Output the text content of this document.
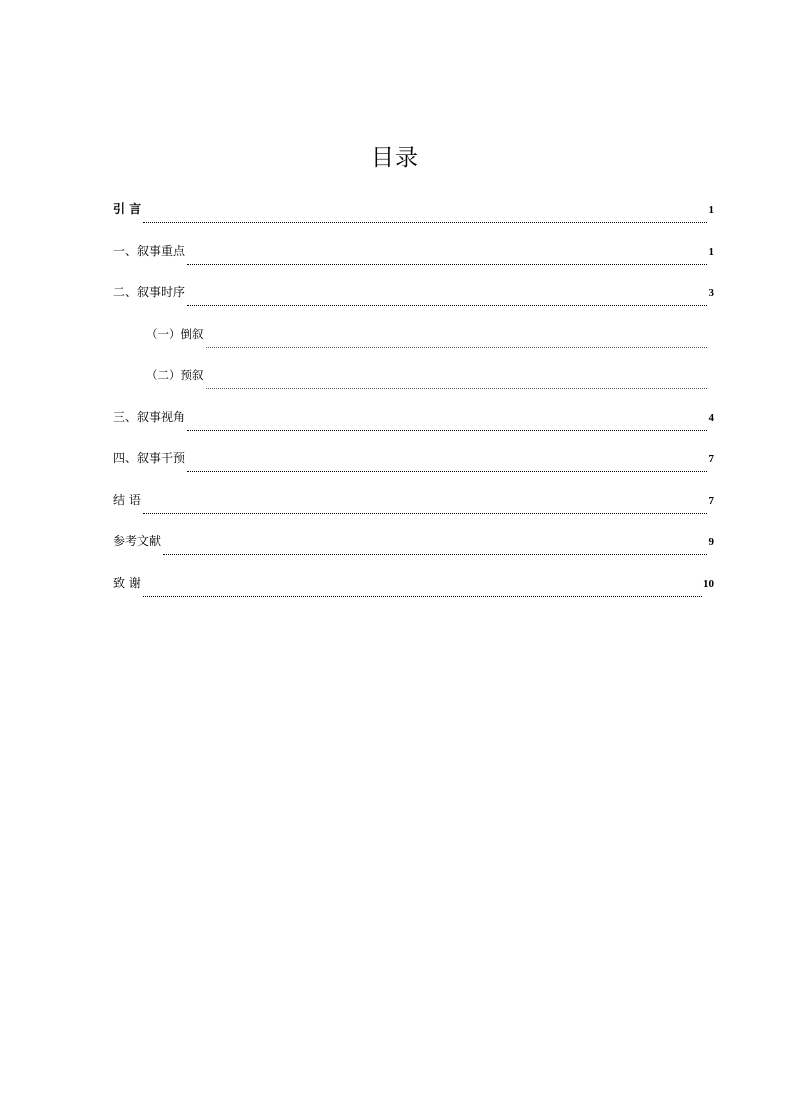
目录
引 言	1
一、叙事重点	1
二、叙事时序	3
（一）倒叙
（二）预叙
三、叙事视角	4
四、叙事干预	7
结 语	7
参考文献	9
致 谢	10
